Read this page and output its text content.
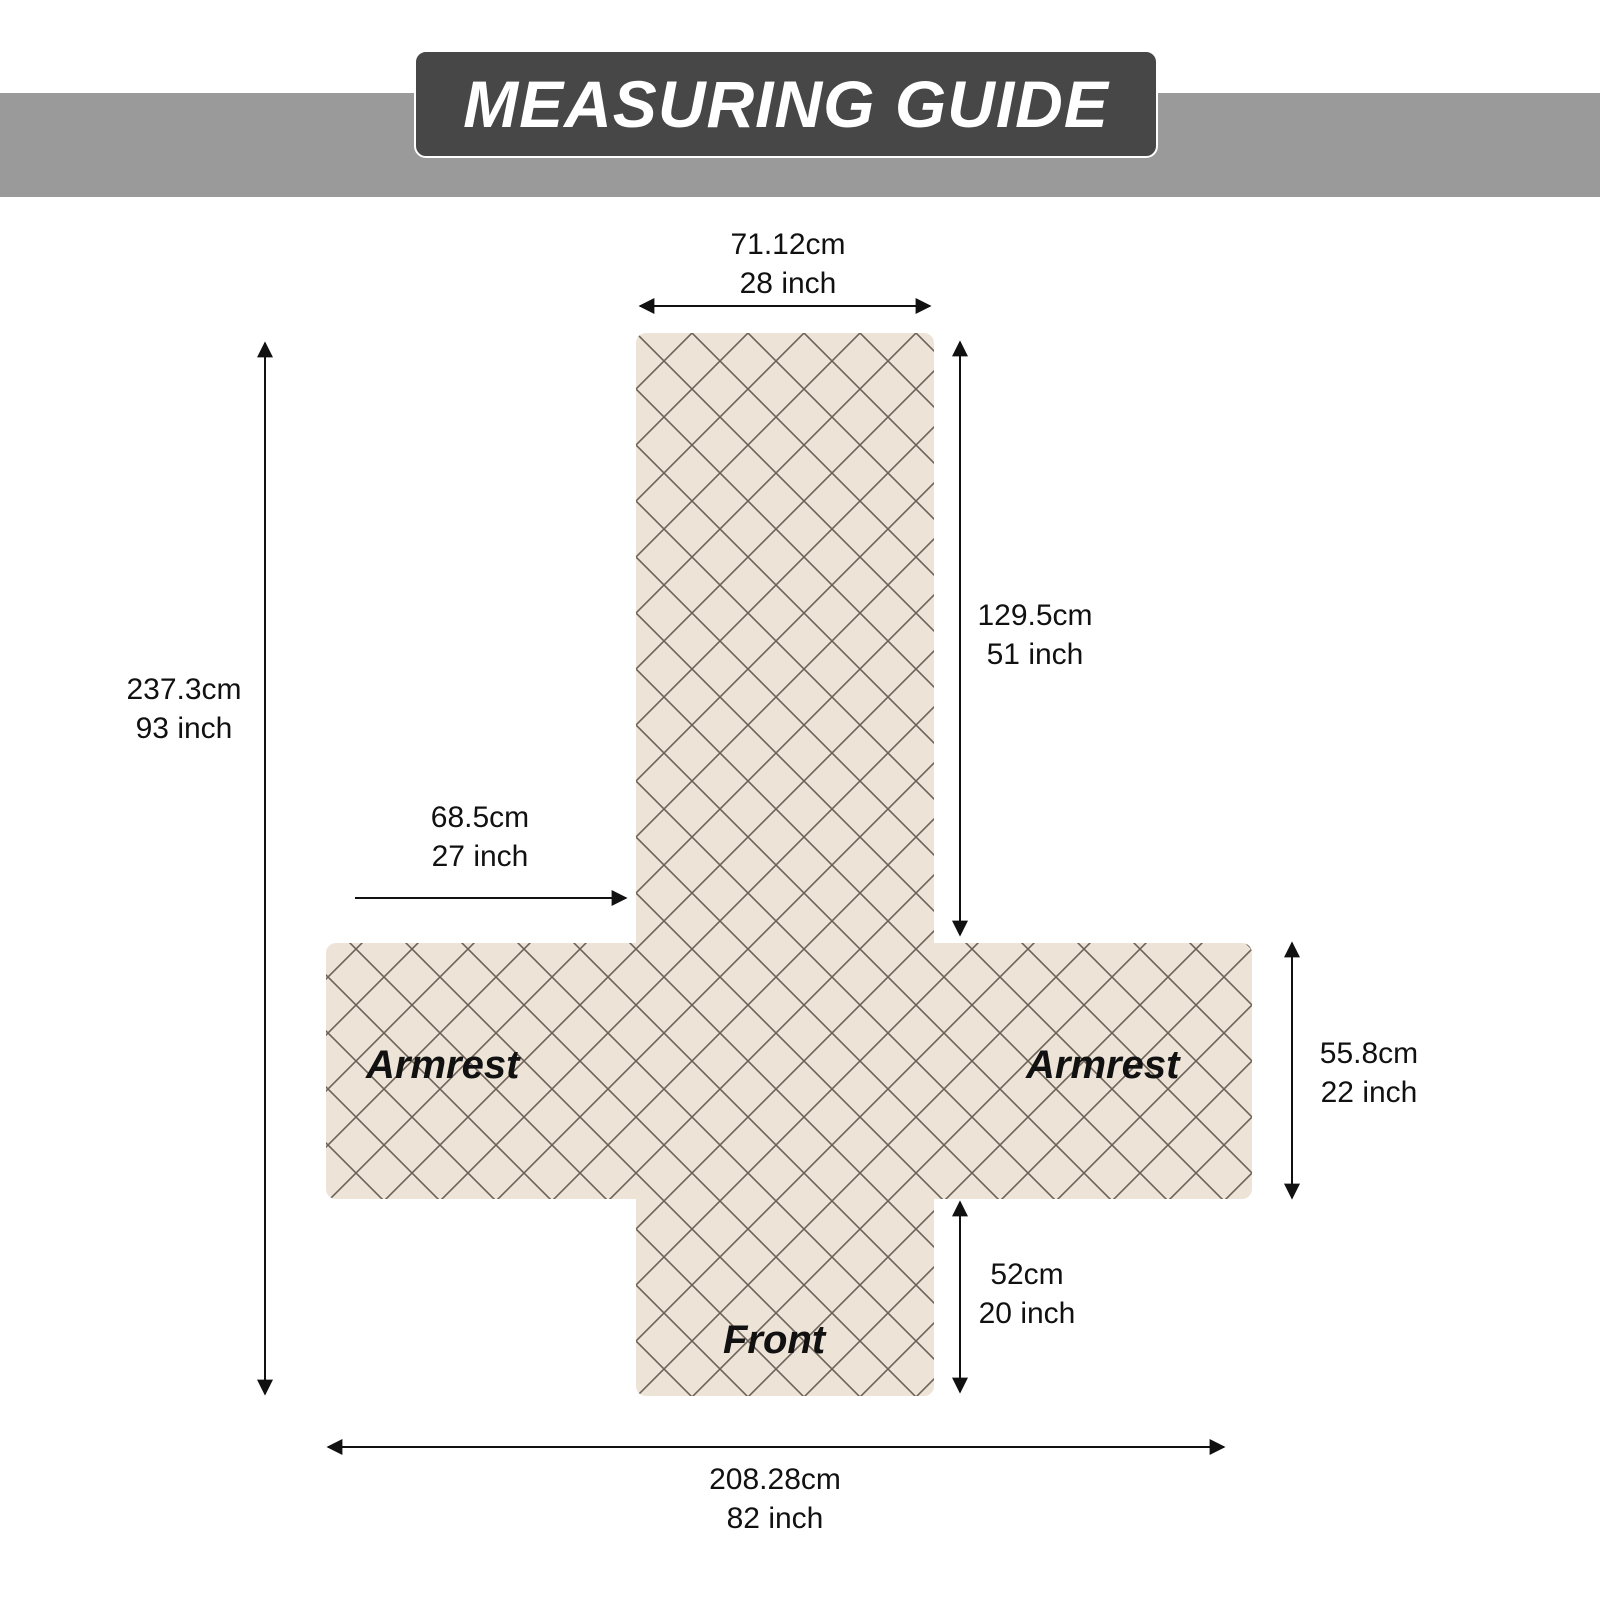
MEASURING GUIDE
Armrest	Armrest
Front
71.12cm
28 inch
129.5cm
51 inch
237.3cm
93 inch
68.5cm
27 inch
55.8cm
22 inch
52cm
20 inch
208.28cm
82 inch
